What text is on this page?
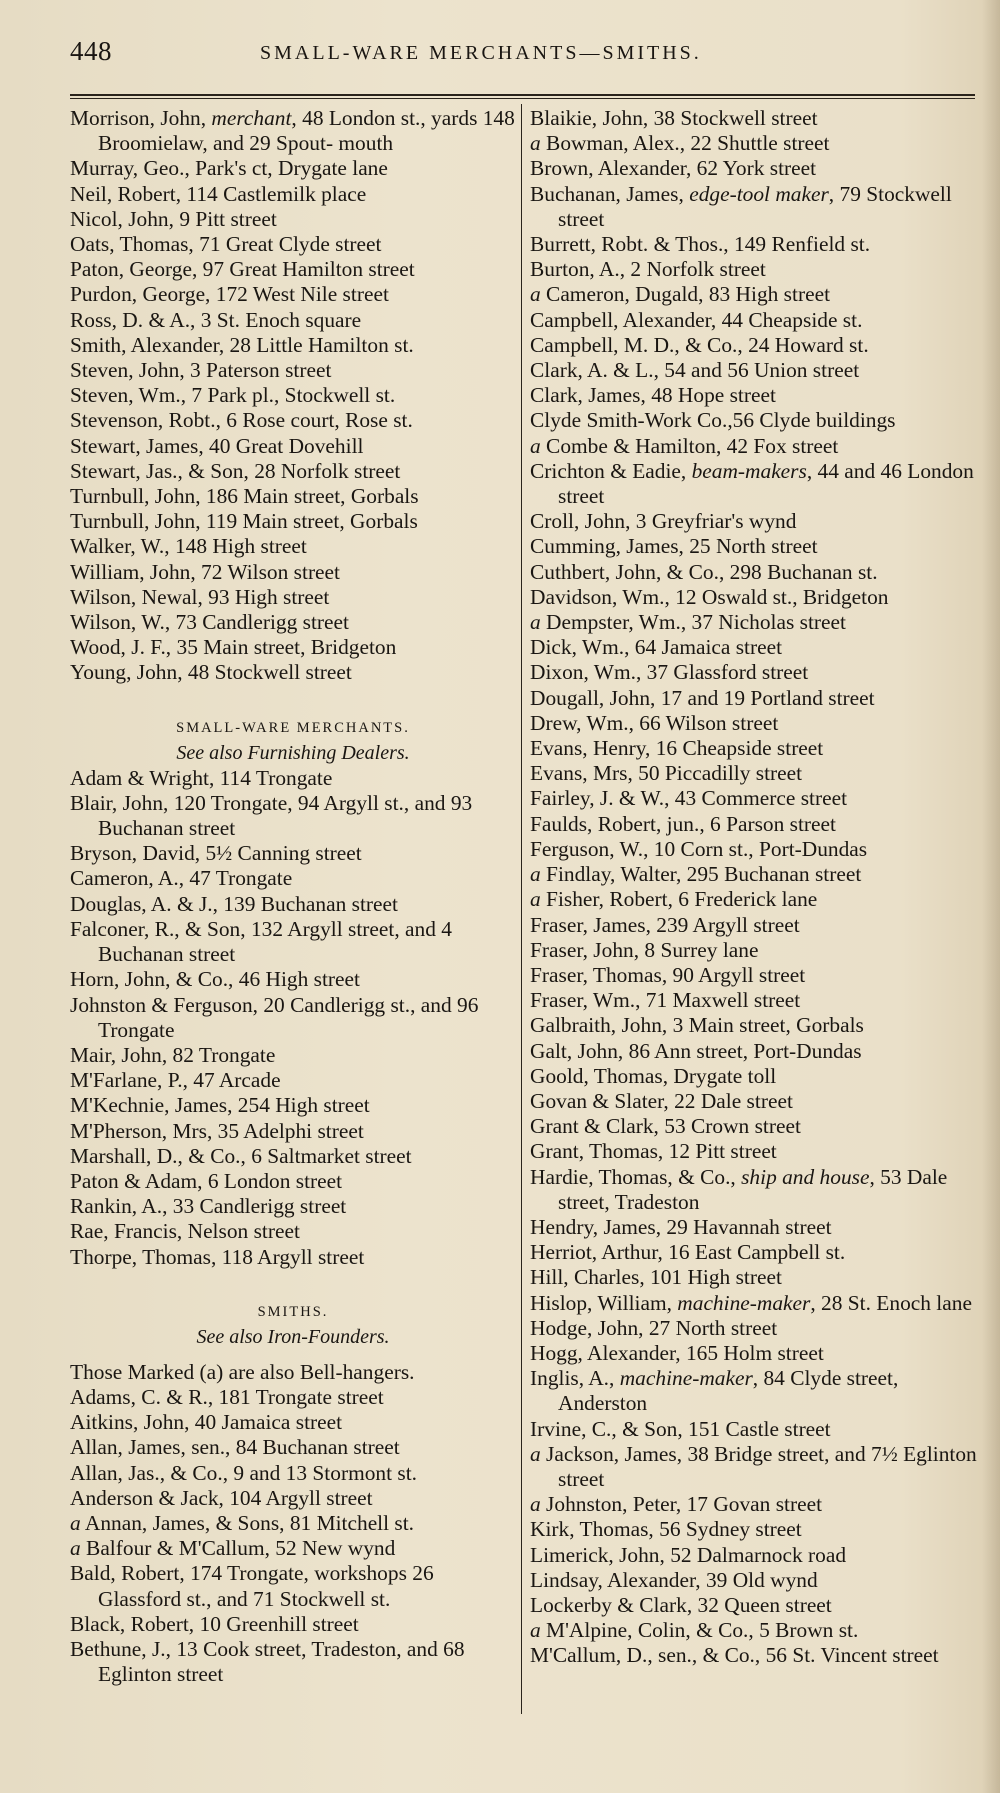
448	SMALL-WARE MERCHANTS—SMITHS.
Morrison, John, merchant, 48 London st., yards 148 Broomielaw, and 29 Spout- mouth
Murray, Geo., Park's ct, Drygate lane
Neil, Robert, 114 Castlemilk place
Nicol, John, 9 Pitt street
Oats, Thomas, 71 Great Clyde street
Paton, George, 97 Great Hamilton street
Purdon, George, 172 West Nile street
Ross, D. & A., 3 St. Enoch square
Smith, Alexander, 28 Little Hamilton st.
Steven, John, 3 Paterson street
Steven, Wm., 7 Park pl., Stockwell st.
Stevenson, Robt., 6 Rose court, Rose st.
Stewart, James, 40 Great Dovehill
Stewart, Jas., & Son, 28 Norfolk street
Turnbull, John, 186 Main street, Gorbals
Turnbull, John, 119 Main street, Gorbals
Walker, W., 148 High street
William, John, 72 Wilson street
Wilson, Newal, 93 High street
Wilson, W., 73 Candlerigg street
Wood, J. F., 35 Main street, Bridgeton
Young, John, 48 Stockwell street
SMALL-WARE MERCHANTS.
See also Furnishing Dealers.
Adam & Wright, 114 Trongate
Blair, John, 120 Trongate, 94 Argyll st., and 93 Buchanan street
Bryson, David, 5½ Canning street
Cameron, A., 47 Trongate
Douglas, A. & J., 139 Buchanan street
Falconer, R., & Son, 132 Argyll street, and 4 Buchanan street
Horn, John, & Co., 46 High street
Johnston & Ferguson, 20 Candlerigg st., and 96 Trongate
Mair, John, 82 Trongate
M'Farlane, P., 47 Arcade
M'Kechnie, James, 254 High street
M'Pherson, Mrs, 35 Adelphi street
Marshall, D., & Co., 6 Saltmarket street
Paton & Adam, 6 London street
Rankin, A., 33 Candlerigg street
Rae, Francis, Nelson street
Thorpe, Thomas, 118 Argyll street
SMITHS.
See also Iron-Founders.
Those Marked (a) are also Bell-hangers.
Adams, C. & R., 181 Trongate street
Aitkins, John, 40 Jamaica street
Allan, James, sen., 84 Buchanan street
Allan, Jas., & Co., 9 and 13 Stormont st.
Anderson & Jack, 104 Argyll street
a Annan, James, & Sons, 81 Mitchell st.
a Balfour & M'Callum, 52 New wynd
Bald, Robert, 174 Trongate, workshops 26 Glassford st., and 71 Stockwell st.
Black, Robert, 10 Greenhill street
Bethune, J., 13 Cook street, Tradeston, and 68 Eglinton street
Blaikie, John, 38 Stockwell street
a Bowman, Alex., 22 Shuttle street
Brown, Alexander, 62 York street
Buchanan, James, edge-tool maker, 79 Stockwell street
Burrett, Robt. & Thos., 149 Renfield st.
Burton, A., 2 Norfolk street
a Cameron, Dugald, 83 High street
Campbell, Alexander, 44 Cheapside st.
Campbell, M. D., & Co., 24 Howard st.
Clark, A. & L., 54 and 56 Union street
Clark, James, 48 Hope street
Clyde Smith-Work Co.,56 Clyde buildings
a Combe & Hamilton, 42 Fox street
Crichton & Eadie, beam-makers, 44 and 46 London street
Croll, John, 3 Greyfriar's wynd
Cumming, James, 25 North street
Cuthbert, John, & Co., 298 Buchanan st.
Davidson, Wm., 12 Oswald st., Bridgeton
a Dempster, Wm., 37 Nicholas street
Dick, Wm., 64 Jamaica street
Dixon, Wm., 37 Glassford street
Dougall, John, 17 and 19 Portland street
Drew, Wm., 66 Wilson street
Evans, Henry, 16 Cheapside street
Evans, Mrs, 50 Piccadilly street
Fairley, J. & W., 43 Commerce street
Faulds, Robert, jun., 6 Parson street
Ferguson, W., 10 Corn st., Port-Dundas
a Findlay, Walter, 295 Buchanan street
a Fisher, Robert, 6 Frederick lane
Fraser, James, 239 Argyll street
Fraser, John, 8 Surrey lane
Fraser, Thomas, 90 Argyll street
Fraser, Wm., 71 Maxwell street
Galbraith, John, 3 Main street, Gorbals
Galt, John, 86 Ann street, Port-Dundas
Goold, Thomas, Drygate toll
Govan & Slater, 22 Dale street
Grant & Clark, 53 Crown street
Grant, Thomas, 12 Pitt street
Hardie, Thomas, & Co., ship and house, 53 Dale street, Tradeston
Hendry, James, 29 Havannah street
Herriot, Arthur, 16 East Campbell st.
Hill, Charles, 101 High street
Hislop, William, machine-maker, 28 St. Enoch lane
Hodge, John, 27 North street
Hogg, Alexander, 165 Holm street
Inglis, A., machine-maker, 84 Clyde street, Anderston
Irvine, C., & Son, 151 Castle street
a Jackson, James, 38 Bridge street, and 7½ Eglinton street
a Johnston, Peter, 17 Govan street
Kirk, Thomas, 56 Sydney street
Limerick, John, 52 Dalmarnock road
Lindsay, Alexander, 39 Old wynd
Lockerby & Clark, 32 Queen street
a M'Alpine, Colin, & Co., 5 Brown st.
M'Callum, D., sen., & Co., 56 St. Vincent street
